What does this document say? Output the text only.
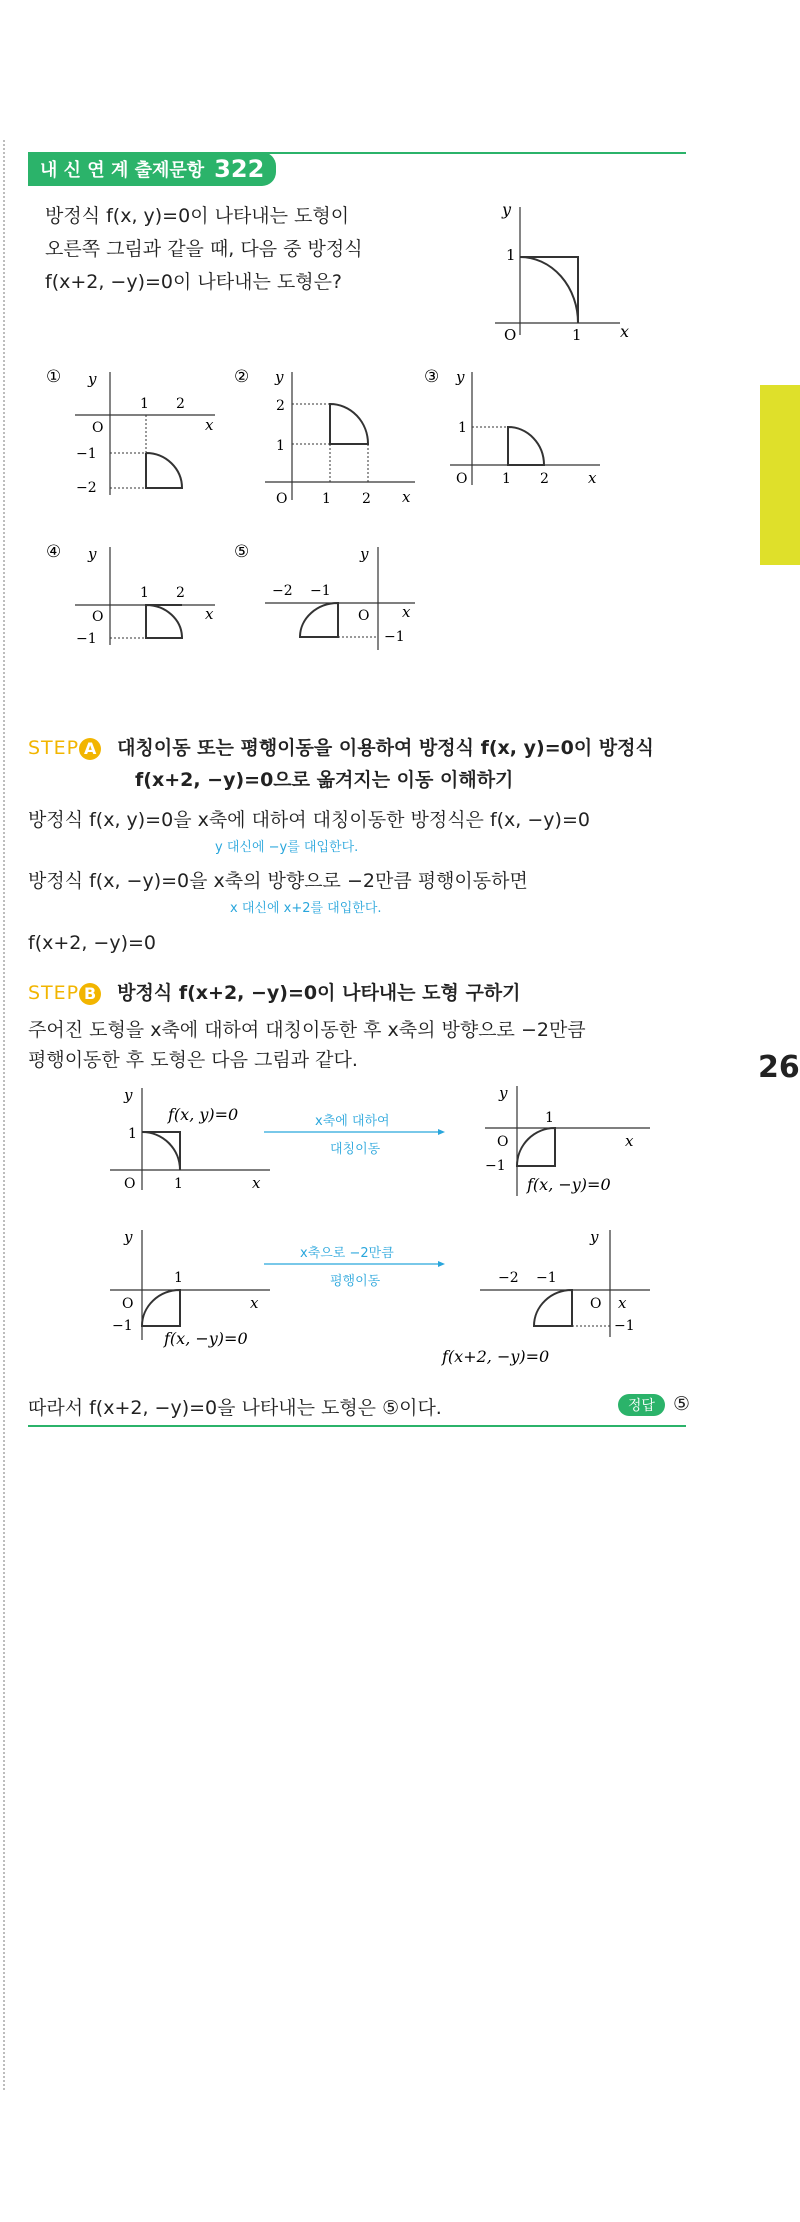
26
내 신 연 계 출제문항 322
방정식 f(x, y)=0이 나타내는 도형이
오른쪽 그림과 같을 때, 다음 중 방정식
f(x+2, −y)=0이 나타내는 도형은?
x
y
O	1
1
① y
x
O
1 2
−1
−2
② y
x
O 1 2
2
1
③ y
x
O 1 2
1
④ y
x
O
1 2
−1
⑤	y
x
O
−2 −1
−1
STEP A 대칭이동 또는 평행이동을 이용하여 방정식 f(x, y)=0이 방정식
f(x+2, −y)=0으로 옮겨지는 이동 이해하기
방정식 f(x, y)=0을 x축에 대하여 대칭이동한 방정식은 f(x, −y)=0
y 대신에 −y를 대입한다.
방정식 f(x, −y)=0을 x축의 방향으로 −2만큼 평행이동하면
x 대신에 x+2를 대입한다.
f(x+2, −y)=0
STEP B 방정식 f(x+2, −y)=0이 나타내는 도형 구하기
주어진 도형을 x축에 대하여 대칭이동한 후 x축의 방향으로 −2만큼
평행이동한 후 도형은 다음 그림과 같다.
y
x
O	1
1
f(x, y)=0	x축에 대하여
대칭이동
y
x
O
1
−1
f(x, −y)=0
y
x
O
1
−1
f(x, −y)=0
x축으로 −2만큼
평행이동
y
x
O
−2 −1
−1
f(x+2, −y)=0
따라서 f(x+2, −y)=0을 나타내는 도형은 ⑤이다.	정답 ⑤
